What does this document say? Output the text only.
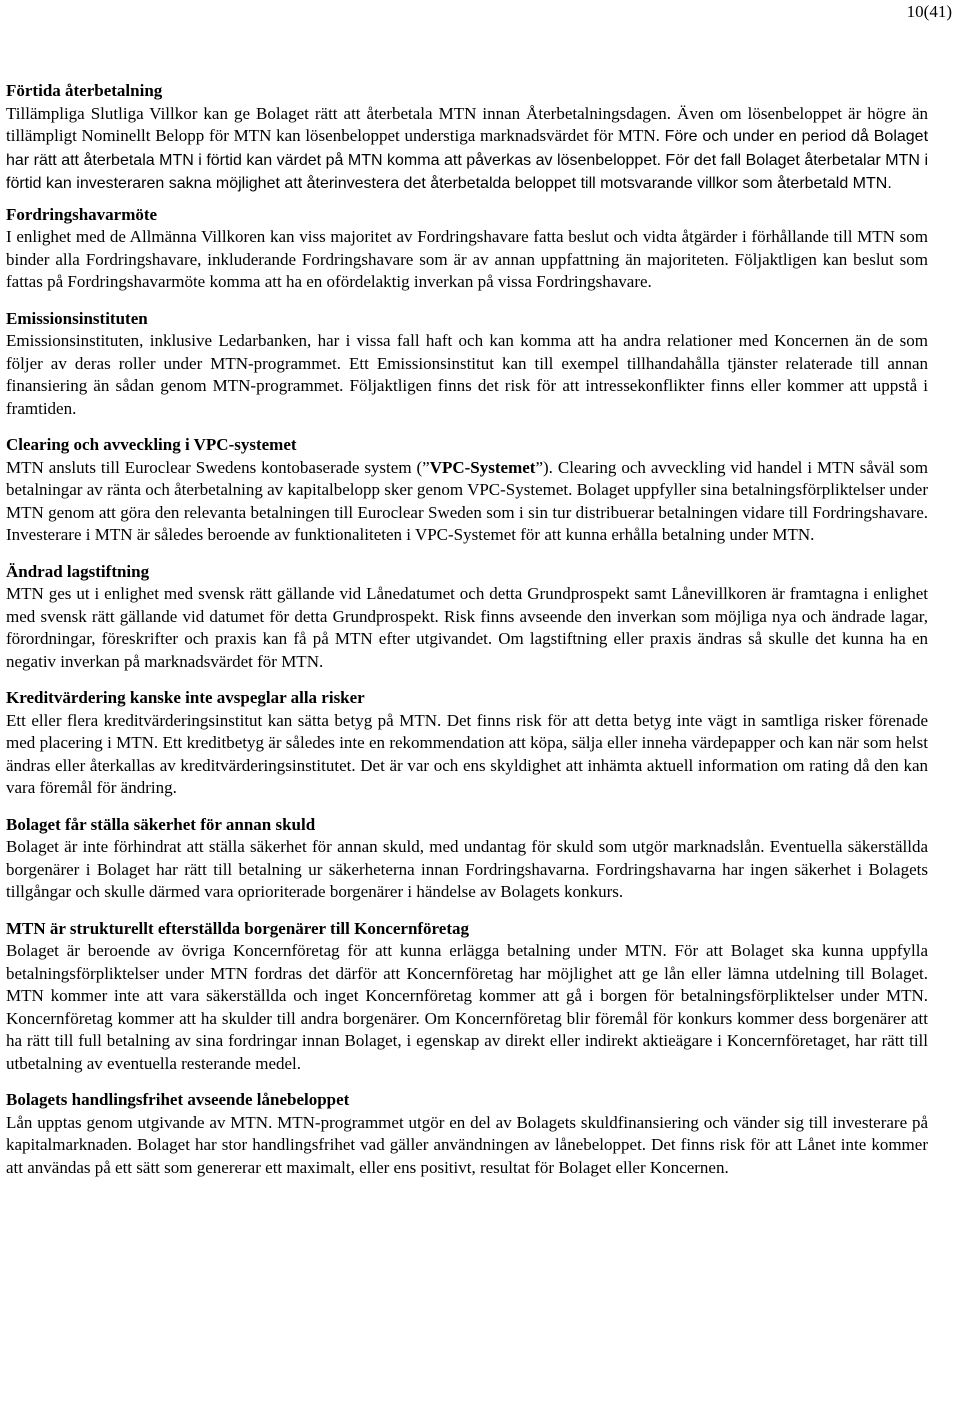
10(41)
Förtida återbetalning

Tillämpliga Slutliga Villkor kan ge Bolaget rätt att återbetala MTN innan Återbetalningsdagen. Även om lösenbeloppet är högre än tillämpligt Nominellt Belopp för MTN kan lösenbeloppet understiga marknadsvärdet för MTN. Före och under en period då Bolaget har rätt att återbetala MTN i förtid kan värdet på MTN komma att påverkas av lösenbeloppet. För det fall Bolaget återbetalar MTN i förtid kan investeraren sakna möjlighet att återinvestera det återbetalda beloppet till motsvarande villkor som återbetald MTN.

Fordringshavarmöte

I enlighet med de Allmänna Villkoren kan viss majoritet av Fordringshavare fatta beslut och vidta åtgärder i förhållande till MTN som binder alla Fordringshavare, inkluderande Fordringshavare som är av annan uppfattning än majoriteten. Följaktligen kan beslut som fattas på Fordringshavarmöte komma att ha en ofördelaktig inverkan på vissa Fordringshavare.

Emissionsinstituten

Emissionsinstituten, inklusive Ledarbanken, har i vissa fall haft och kan komma att ha andra relationer med Koncernen än de som följer av deras roller under MTN-programmet. Ett Emissionsinstitut kan till exempel tillhandahålla tjänster relaterade till annan finansiering än sådan genom MTN-programmet. Följaktligen finns det risk för att intressekonflikter finns eller kommer att uppstå i framtiden.

Clearing och avveckling i VPC-systemet

MTN ansluts till Euroclear Swedens kontobaserade system (”VPC-Systemet”). Clearing och avveckling vid handel i MTN såväl som betalningar av ränta och återbetalning av kapitalbelopp sker genom VPC-Systemet. Bolaget uppfyller sina betalningsförpliktelser under MTN genom att göra den relevanta betalningen till Euroclear Sweden som i sin tur distribuerar betalningen vidare till Fordringshavare. Investerare i MTN är således beroende av funktionaliteten i VPC-Systemet för att kunna erhålla betalning under MTN.

Ändrad lagstiftning

MTN ges ut i enlighet med svensk rätt gällande vid Lånedatumet och detta Grundprospekt samt Lånevillkoren är framtagna i enlighet med svensk rätt gällande vid datumet för detta Grundprospekt. Risk finns avseende den inverkan som möjliga nya och ändrade lagar, förordningar, föreskrifter och praxis kan få på MTN efter utgivandet. Om lagstiftning eller praxis ändras så skulle det kunna ha en negativ inverkan på marknadsvärdet för MTN.

Kreditvärdering kanske inte avspeglar alla risker

Ett eller flera kreditvärderingsinstitut kan sätta betyg på MTN. Det finns risk för att detta betyg inte vägt in samtliga risker förenade med placering i MTN. Ett kreditbetyg är således inte en rekommendation att köpa, sälja eller inneha värdepapper och kan när som helst ändras eller återkallas av kreditvärderingsinstitutet. Det är var och ens skyldighet att inhämta aktuell information om rating då den kan vara föremål för ändring.

Bolaget får ställa säkerhet för annan skuld

Bolaget är inte förhindrat att ställa säkerhet för annan skuld, med undantag för skuld som utgör marknadslån. Eventuella säkerställda borgenärer i Bolaget har rätt till betalning ur säkerheterna innan Fordringshavarna. Fordringshavarna har ingen säkerhet i Bolagets tillgångar och skulle därmed vara oprioriterade borgenärer i händelse av Bolagets konkurs.

MTN är strukturellt efterställda borgenärer till Koncernföretag

Bolaget är beroende av övriga Koncernföretag för att kunna erlägga betalning under MTN. För att Bolaget ska kunna uppfylla betalningsförpliktelser under MTN fordras det därför att Koncernföretag har möjlighet att ge lån eller lämna utdelning till Bolaget. MTN kommer inte att vara säkerställda och inget Koncernföretag kommer att gå i borgen för betalningsförpliktelser under MTN. Koncernföretag kommer att ha skulder till andra borgenärer. Om Koncernföretag blir föremål för konkurs kommer dess borgenärer att ha rätt till full betalning av sina fordringar innan Bolaget, i egenskap av direkt eller indirekt aktieägare i Koncernföretaget, har rätt till utbetalning av eventuella resterande medel.

Bolagets handlingsfrihet avseende lånebeloppet

Lån upptas genom utgivande av MTN. MTN-programmet utgör en del av Bolagets skuldfinansiering och vänder sig till investerare på kapitalmarknaden. Bolaget har stor handlingsfrihet vad gäller användningen av lånebeloppet. Det finns risk för att Lånet inte kommer att användas på ett sätt som genererar ett maximalt, eller ens positivt, resultat för Bolaget eller Koncernen.
